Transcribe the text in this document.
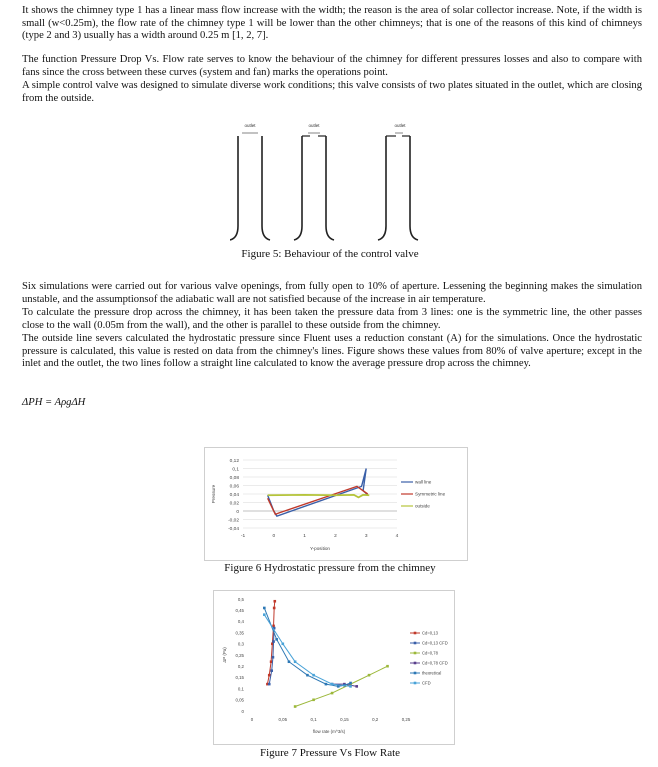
It shows the chimney type 1 has a linear mass flow increase with the width; the reason is the area of solar collector increase. Note, if the width is small (w<0.25m), the flow rate of the chimney type 1 will be lower than the other chimneys; that is one of the reasons of this kind of chimneys (type 2 and 3) usually has a width around 0.25 m [1, 2, 7].

The function Pressure Drop Vs. Flow rate serves to know the behaviour of the chimney for different pressures losses and also to compare with fans since the cross between these curves (system and fan) marks the operations point.

A simple control valve was designed to simulate diverse work conditions; this valve consists of two plates situated in the outlet, which are closing from the outside.

outlet	outlet	outlet
Figure 5: Behaviour of the control valve

Six simulations were carried out for various valve openings, from fully open to 10% of aperture. Lessening the beginning makes the simulation unstable, and the assumptionsof the adiabatic wall are not satisfied because of the increase in air temperature.

To calculate the pressure drop across the chimney, it has been taken the pressure data from 3 lines: one is the symmetric line, the other passes close to the wall (0.05m from the wall), and the other is parallel to these outside from the chimney.

The outside line severs calculated the hydrostatic pressure since Fluent uses a reduction constant (A) for the simulations. Once the hydrostatic pressure is calculated, this value is rested on data from the chimney's lines. Figure shows these values from 80% of valve aperture; except in the inlet and the outlet, the two lines follow a straight line calculated to know the average pressure drop across the chimney.

ΔPH = AρgΔH
0,12
0,1
0,08
0,06
0,04
0,02
0
-0,02
-0,04
-1	0	1	2	3	4
Y-position
Pressure
wall line
Symmetric line
outside
Figure 6 Hydrostatic pressure from the chimney
0,5
0,45
0,4
0,35
0,3
0,25
0,2
0,15
0,1
0,05
0
0	0,05	0,1	0,15	0,2	0,25
flow rate (m^3/s)
ΔP (Pa)
Cd=0,13
Cd=0,13 CFD
Cd=0,78
Cd=0,78 CFD
theoretical
CFD
Figure 7 Pressure Vs Flow Rate
